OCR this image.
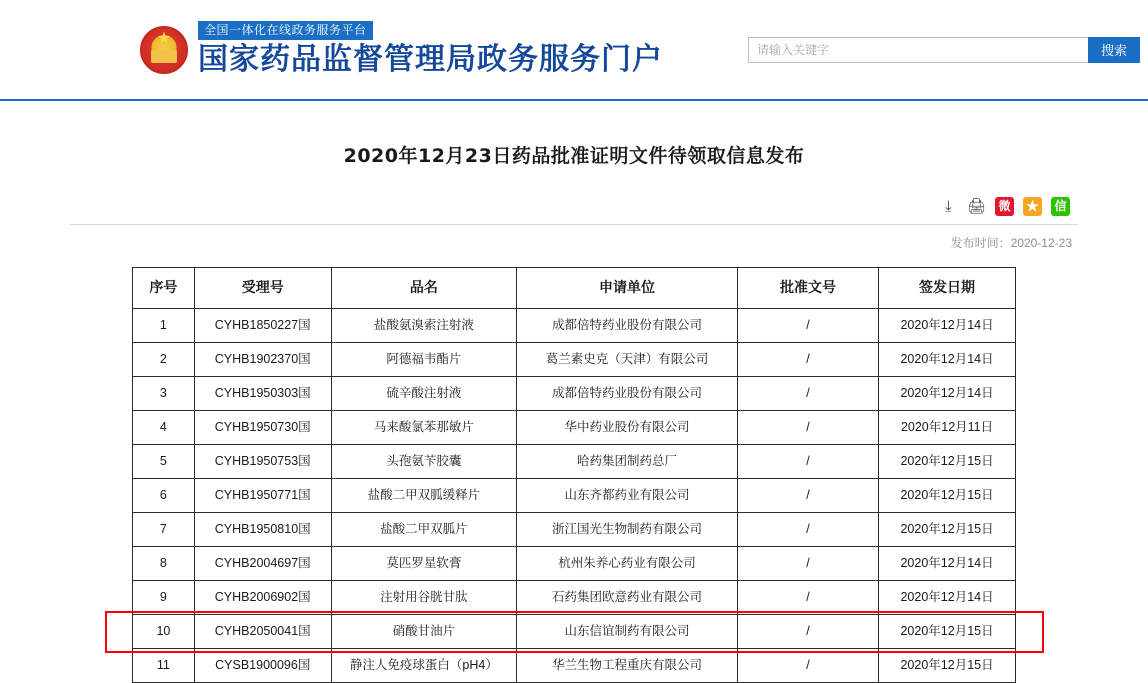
★
全国一体化在线政务服务平台
国家药品监督管理局政务服务门户
请输入关键字	搜索
2020年12月23日药品批准证明文件待领取信息发布
⤓	🖨 微 ★ 信
发布时间：2020-12-23
序号	受理号	品名	申请单位	批准文号	签发日期
1	CYHB1850227国	盐酸氨溴索注射液	成都倍特药业股份有限公司	/	2020年12月14日
2	CYHB1902370国	阿德福韦酯片	葛兰素史克（天津）有限公司	/	2020年12月14日
3	CYHB1950303国	硫辛酸注射液	成都倍特药业股份有限公司	/	2020年12月14日
4	CYHB1950730国	马来酸氯苯那敏片	华中药业股份有限公司	/	2020年12月11日
5	CYHB1950753国	头孢氨苄胶囊	哈药集团制药总厂	/	2020年12月15日
6	CYHB1950771国	盐酸二甲双胍缓释片	山东齐都药业有限公司	/	2020年12月15日
7	CYHB1950810国	盐酸二甲双胍片	浙江国光生物制药有限公司	/	2020年12月15日
8	CYHB2004697国	莫匹罗星软膏	杭州朱养心药业有限公司	/	2020年12月14日
9	CYHB2006902国	注射用谷胱甘肽	石药集团欧意药业有限公司	/	2020年12月14日
10	CYHB2050041国	硝酸甘油片	山东信谊制药有限公司	/	2020年12月15日
11	CYSB1900096国	静注人免疫球蛋白（pH4）	华兰生物工程重庆有限公司	/	2020年12月15日
